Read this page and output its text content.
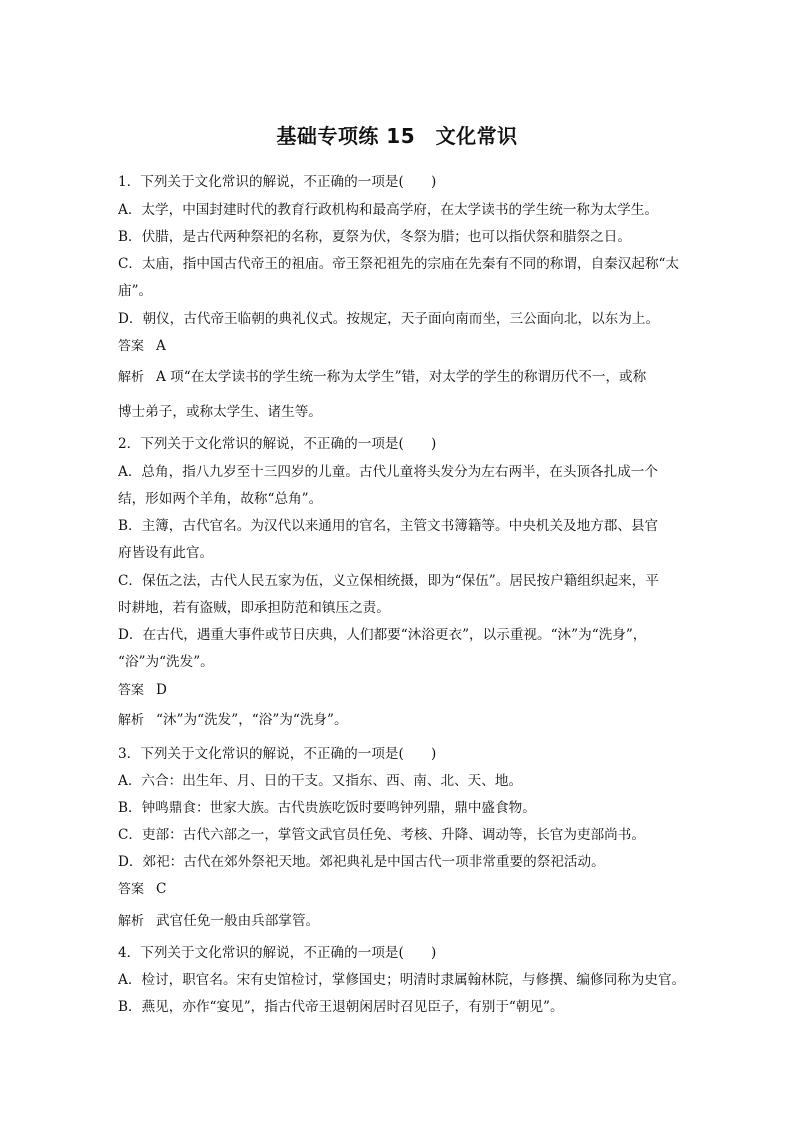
基础专项练 15　文化常识
1．下列关于文化常识的解说，不正确的一项是(　　)
A．太学，中国封建时代的教育行政机构和最高学府，在太学读书的学生统一称为太学生。
B．伏腊，是古代两种祭祀的名称，夏祭为伏，冬祭为腊；也可以指伏祭和腊祭之日。
C．太庙，指中国古代帝王的祖庙。帝王祭祀祖先的宗庙在先秦有不同的称谓，自秦汉起称“太
庙”。
D．朝仪，古代帝王临朝的典礼仪式。按规定，天子面向南而坐，三公面向北，以东为上。
答案 A
解析 A 项“在太学读书的学生统一称为太学生”错，对太学的学生的称谓历代不一，或称
博士弟子，或称太学生、诸生等。
2．下列关于文化常识的解说，不正确的一项是(　　)
A．总角，指八九岁至十三四岁的儿童。古代儿童将头发分为左右两半，在头顶各扎成一个
结，形如两个羊角，故称“总角”。
B．主簿，古代官名。为汉代以来通用的官名，主管文书簿籍等。中央机关及地方郡、县官
府皆设有此官。
C．保伍之法，古代人民五家为伍，义立保相统摄，即为“保伍”。居民按户籍组织起来，平
时耕地，若有盗贼，即承担防范和镇压之责。
D．在古代，遇重大事件或节日庆典，人们都要“沐浴更衣”，以示重视。“沐”为“洗身”，
“浴”为“洗发”。
答案 D
解析 “沐”为“洗发”，“浴”为“洗身”。
3．下列关于文化常识的解说，不正确的一项是(　　)
A．六合：出生年、月、日的干支。又指东、西、南、北、天、地。
B．钟鸣鼎食：世家大族。古代贵族吃饭时要鸣钟列鼎，鼎中盛食物。
C．吏部：古代六部之一，掌管文武官员任免、考核、升降、调动等，长官为吏部尚书。
D．郊祀：古代在郊外祭祀天地。郊祀典礼是中国古代一项非常重要的祭祀活动。
答案 C
解析 武官任免一般由兵部掌管。
4．下列关于文化常识的解说，不正确的一项是(　　)
A．检讨，职官名。宋有史馆检讨，掌修国史；明清时隶属翰林院，与修撰、编修同称为史官。
B．燕见，亦作“宴见”，指古代帝王退朝闲居时召见臣子，有别于“朝见”。
